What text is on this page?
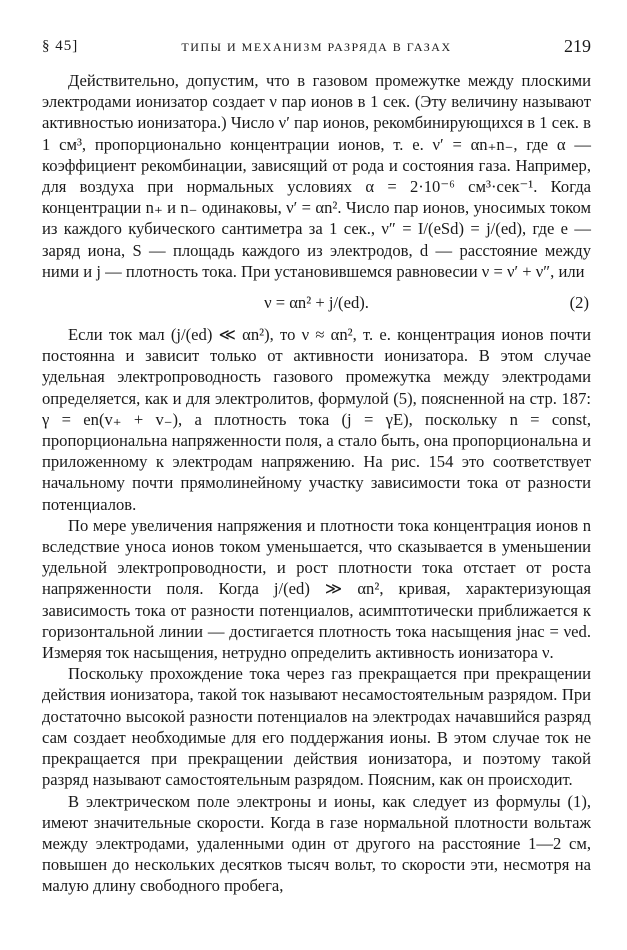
§ 45]	ТИПЫ И МЕХАНИЗМ РАЗРЯДА В ГАЗАХ	219

Действительно, допустим, что в газовом промежутке между плоскими электродами ионизатор создает ν пар ионов в 1 сек. (Эту величину называют активностью ионизатора.) Число ν′ пар ионов, рекомбинирующихся в 1 сек. в 1 см³, пропорционально концентрации ионов, т. е. ν′ = αn₊n₋, где α — коэффициент рекомбинации, зависящий от рода и состояния газа. Например, для воздуха при нормальных условиях α = 2·10⁻⁶ см³·сек⁻¹. Когда концентрации n₊ и n₋ одинаковы, ν′ = αn². Число пар ионов, уносимых током из каждого кубического сантиметра за 1 сек., ν″ = I/(eSd) = j/(ed), где e — заряд иона, S — площадь каждого из электродов, d — расстояние между ними и j — плотность тока. При установившемся равновесии ν = ν′ + ν″, или

ν = αn² + j/(ed).	(2)

Если ток мал (j/(ed) ≪ αn²), то ν ≈ αn², т. е. концентрация ионов почти постоянна и зависит только от активности ионизатора. В этом случае удельная электропроводность газового промежутка между электродами определяется, как и для электролитов, формулой (5), поясненной на стр. 187: γ = en(v₊ + v₋), а плотность тока (j = γE), поскольку n = const, пропорциональна напряженности поля, а стало быть, она пропорциональна и приложенному к электродам напряжению. На рис. 154 это соответствует начальному почти прямолинейному участку зависимости тока от разности потенциалов.

По мере увеличения напряжения и плотности тока концентрация ионов n вследствие уноса ионов током уменьшается, что сказывается в уменьшении удельной электропроводности, и рост плотности тока отстает от роста напряженности поля. Когда j/(ed) ≫ αn², кривая, характеризующая зависимость тока от разности потенциалов, асимптотически приближается к горизонтальной линии — достигается плотность тока насыщения jнас = νed. Измеряя ток насыщения, нетрудно определить активность ионизатора ν.

Поскольку прохождение тока через газ прекращается при прекращении действия ионизатора, такой ток называют несамостоятельным разрядом. При достаточно высокой разности потенциалов на электродах начавшийся разряд сам создает необходимые для его поддержания ионы. В этом случае ток не прекращается при прекращении действия ионизатора, и поэтому такой разряд называют самостоятельным разрядом. Поясним, как он происходит.

В электрическом поле электроны и ионы, как следует из формулы (1), имеют значительные скорости. Когда в газе нормальной плотности вольтаж между электродами, удаленными один от другого на расстояние 1—2 см, повышен до нескольких десятков тысяч вольт, то скорости эти, несмотря на малую длину свободного пробега,
